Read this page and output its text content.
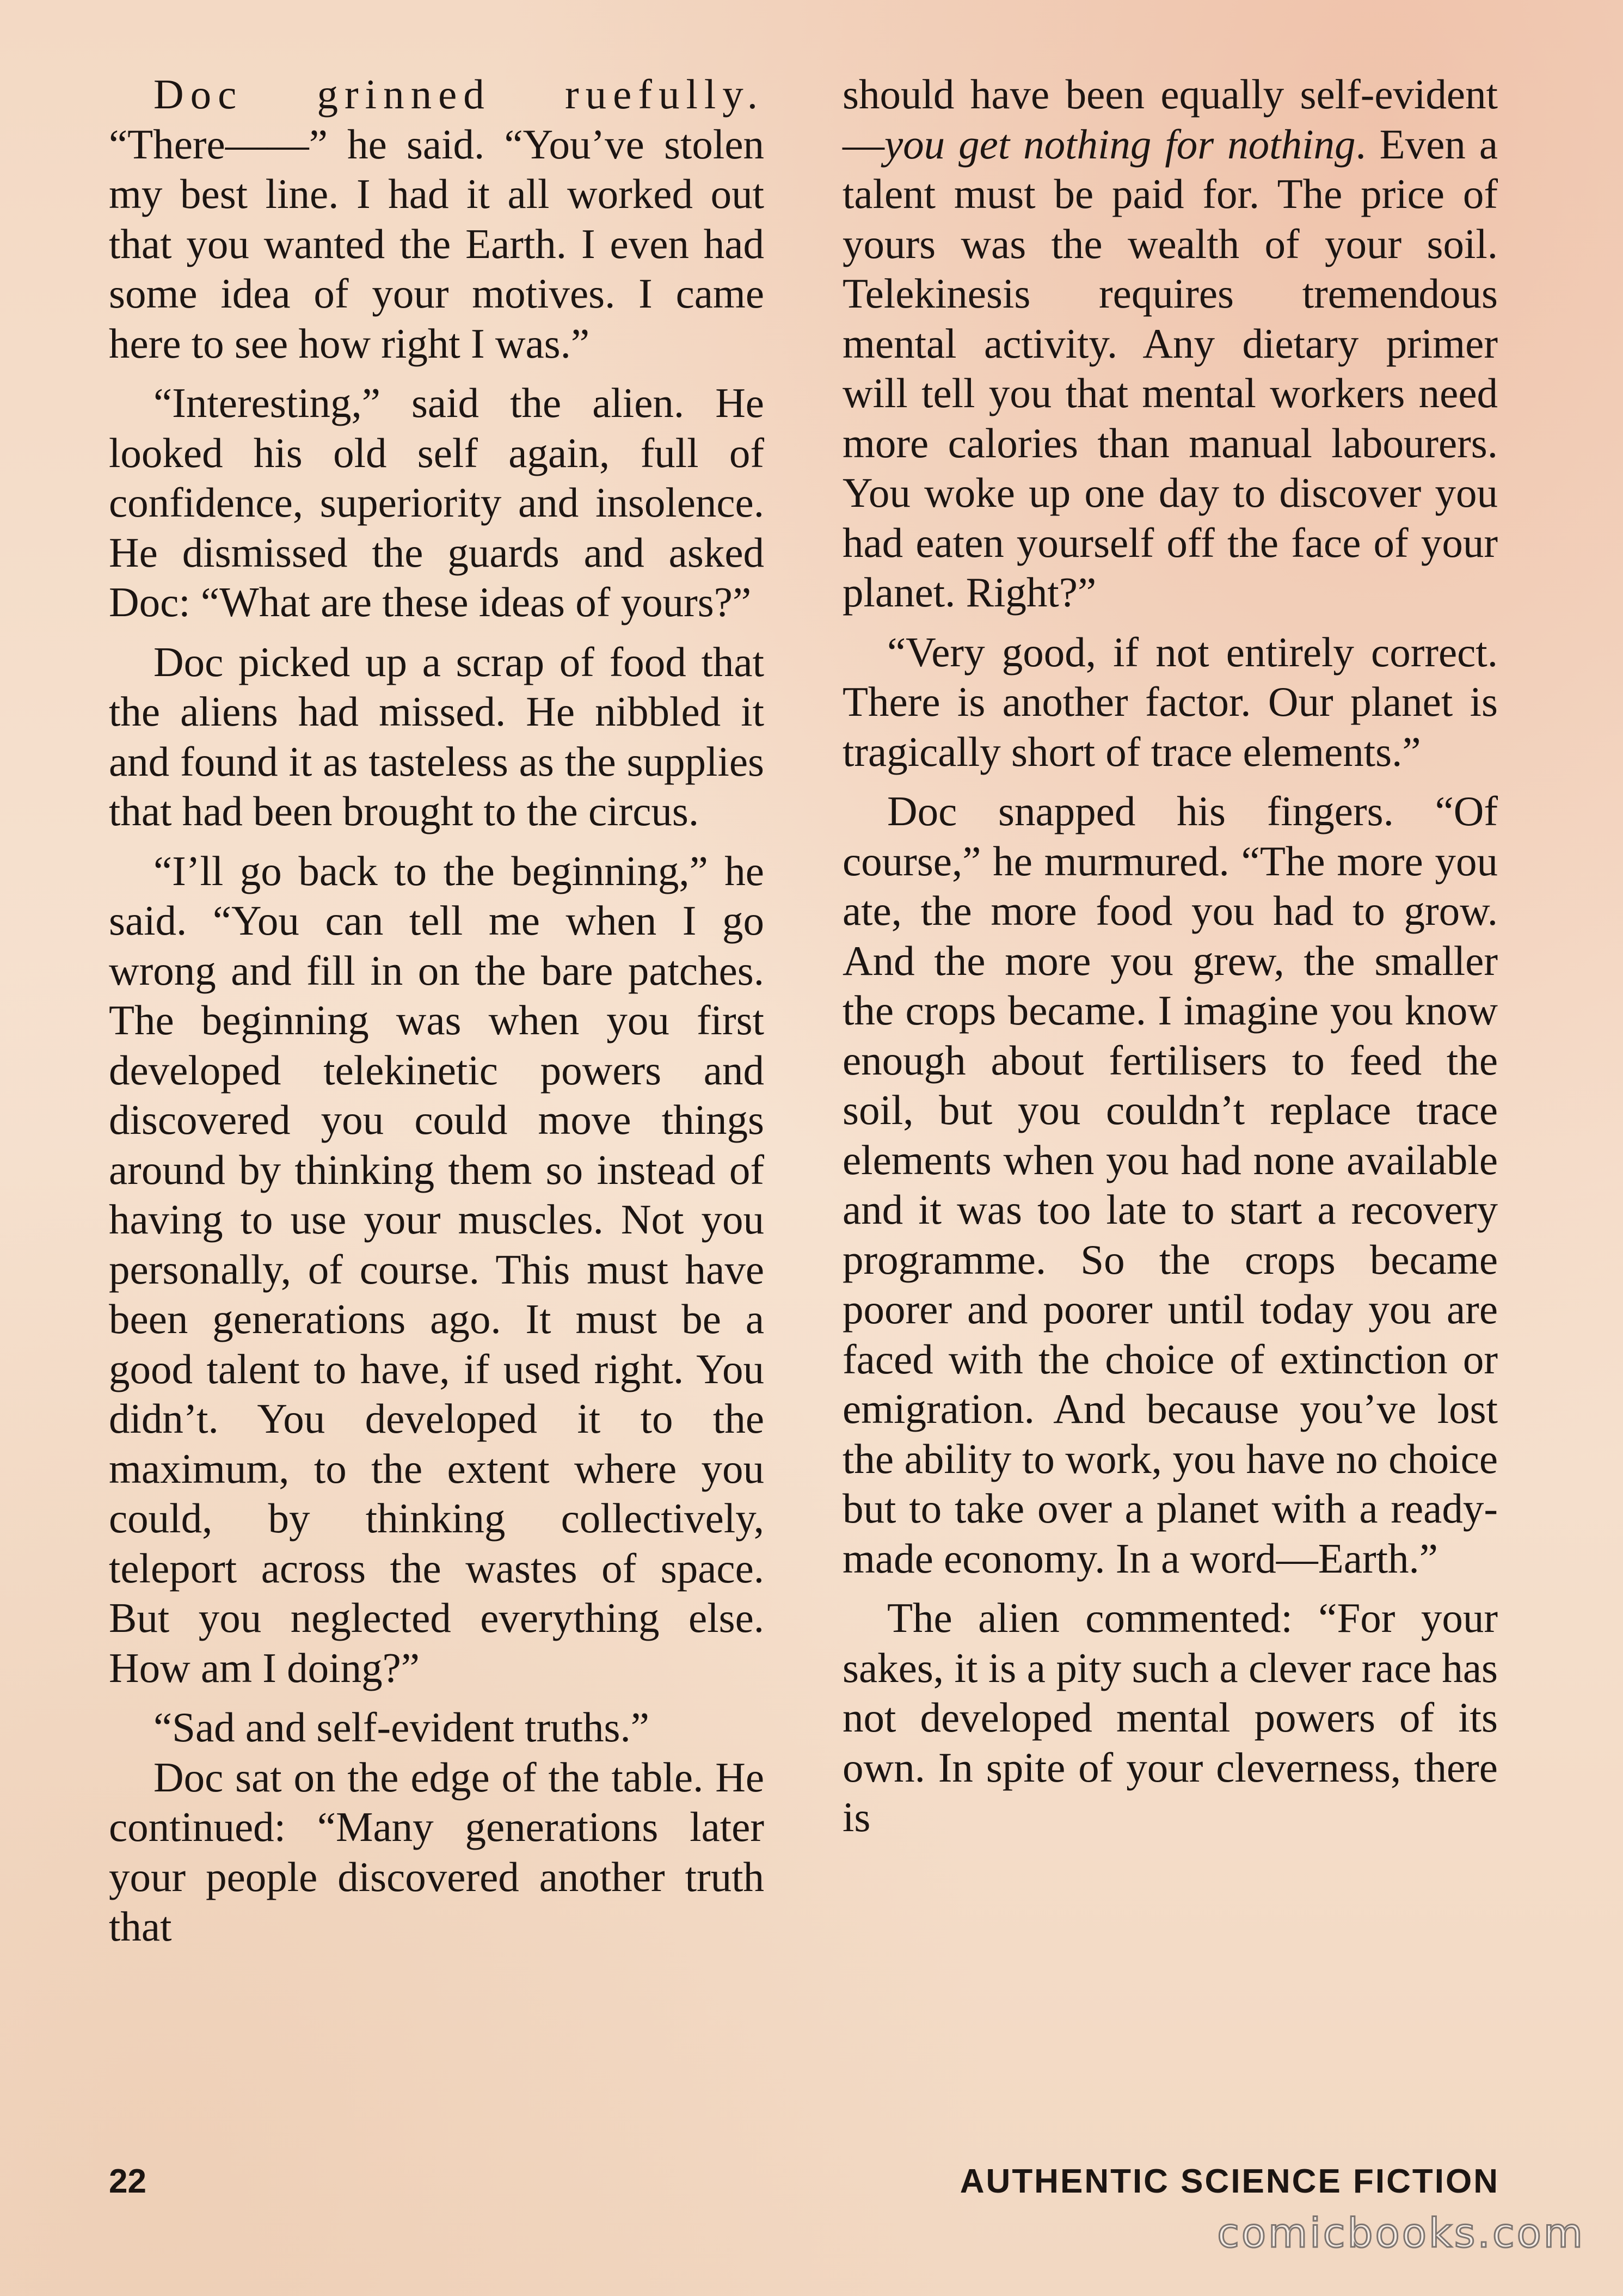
Doc grinned ruefully. “There——” he said. “You’ve stolen my best line. I had it all worked out that you wanted the Earth. I even had some idea of your motives. I came here to see how right I was.”

“Interesting,” said the alien. He looked his old self again, full of confidence, superiority and insolence. He dismissed the guards and asked Doc: “What are these ideas of yours?”

Doc picked up a scrap of food that the aliens had missed. He nibbled it and found it as tasteless as the supplies that had been brought to the circus.

“I’ll go back to the beginning,” he said. “You can tell me when I go wrong and fill in on the bare patches. The beginning was when you first developed telekinetic powers and discovered you could move things around by thinking them so instead of having to use your muscles. Not you personally, of course. This must have been generations ago. It must be a good talent to have, if used right. You didn’t. You developed it to the maximum, to the extent where you could, by thinking collectively, teleport across the wastes of space. But you neglected everything else. How am I doing?”

“Sad and self-evident truths.”

Doc sat on the edge of the table. He continued: “Many generations later your people discovered another truth that

should have been equally self-evident—you get nothing for nothing. Even a talent must be paid for. The price of yours was the wealth of your soil. Telekinesis requires tremendous mental activity. Any dietary primer will tell you that mental workers need more calories than manual labourers. You woke up one day to discover you had eaten yourself off the face of your planet. Right?”

“Very good, if not entirely correct. There is another factor. Our planet is tragically short of trace elements.”

Doc snapped his fingers. “Of course,” he murmured. “The more you ate, the more food you had to grow. And the more you grew, the smaller the crops became. I imagine you know enough about fertilisers to feed the soil, but you couldn’t replace trace elements when you had none available and it was too late to start a recovery programme. So the crops became poorer and poorer until today you are faced with the choice of extinction or emigration. And because you’ve lost the ability to work, you have no choice but to take over a planet with a ready-made economy. In a word—Earth.”

The alien commented: “For your sakes, it is a pity such a clever race has not developed mental powers of its own. In spite of your cleverness, there is

22	AUTHENTIC SCIENCE FICTION
comicbooks.com
